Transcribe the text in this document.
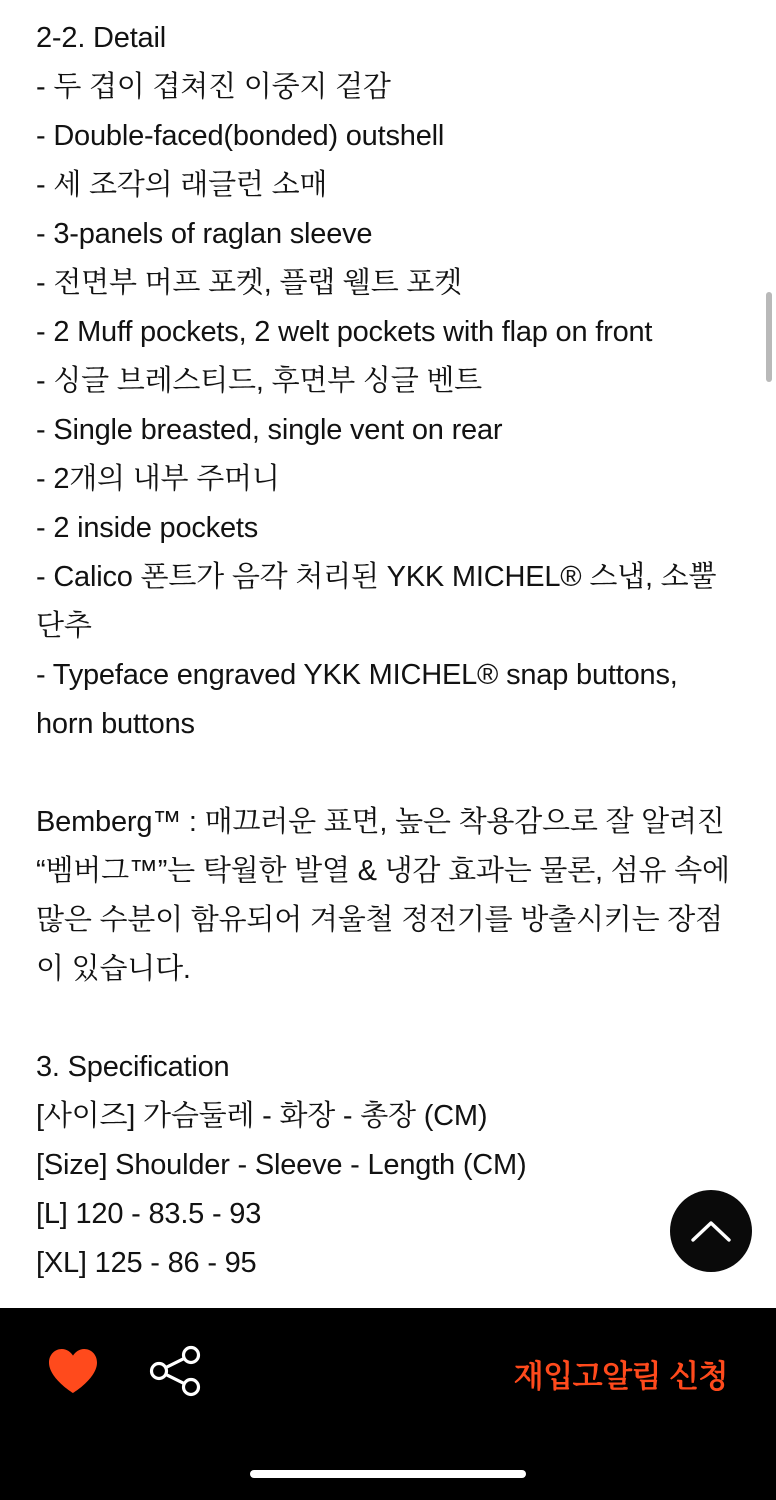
2-2. Detail
- 두 겹이 겹쳐진 이중지 겉감
- Double-faced(bonded) outshell
- 세 조각의 래글런 소매
- 3-panels of raglan sleeve
- 전면부 머프 포켓, 플랩 웰트 포켓
- 2 Muff pockets, 2 welt pockets with flap on front
- 싱글 브레스티드, 후면부 싱글 벤트
- Single breasted, single vent on rear
- 2개의 내부 주머니
- 2 inside pockets
- Calico 폰트가 음각 처리된 YKK MICHEL® 스냅, 소뿔 단추
- Typeface engraved YKK MICHEL® snap buttons, horn buttons
Bemberg™ : 매끄러운 표면, 높은 착용감으로 잘 알려진 “벰버그™”는 탁월한 발열 & 냉감 효과는 물론, 섬유 속에 많은 수분이 함유되어 겨울철 정전기를 방출시키는 장점이 있습니다.
3. Specification
[사이즈] 가슴둘레 - 화장 - 총장 (CM)
[Size] Shoulder - Sleeve - Length (CM)
[L] 120 - 83.5 - 93
[XL] 125 - 86 - 95
재입고알림 신청
